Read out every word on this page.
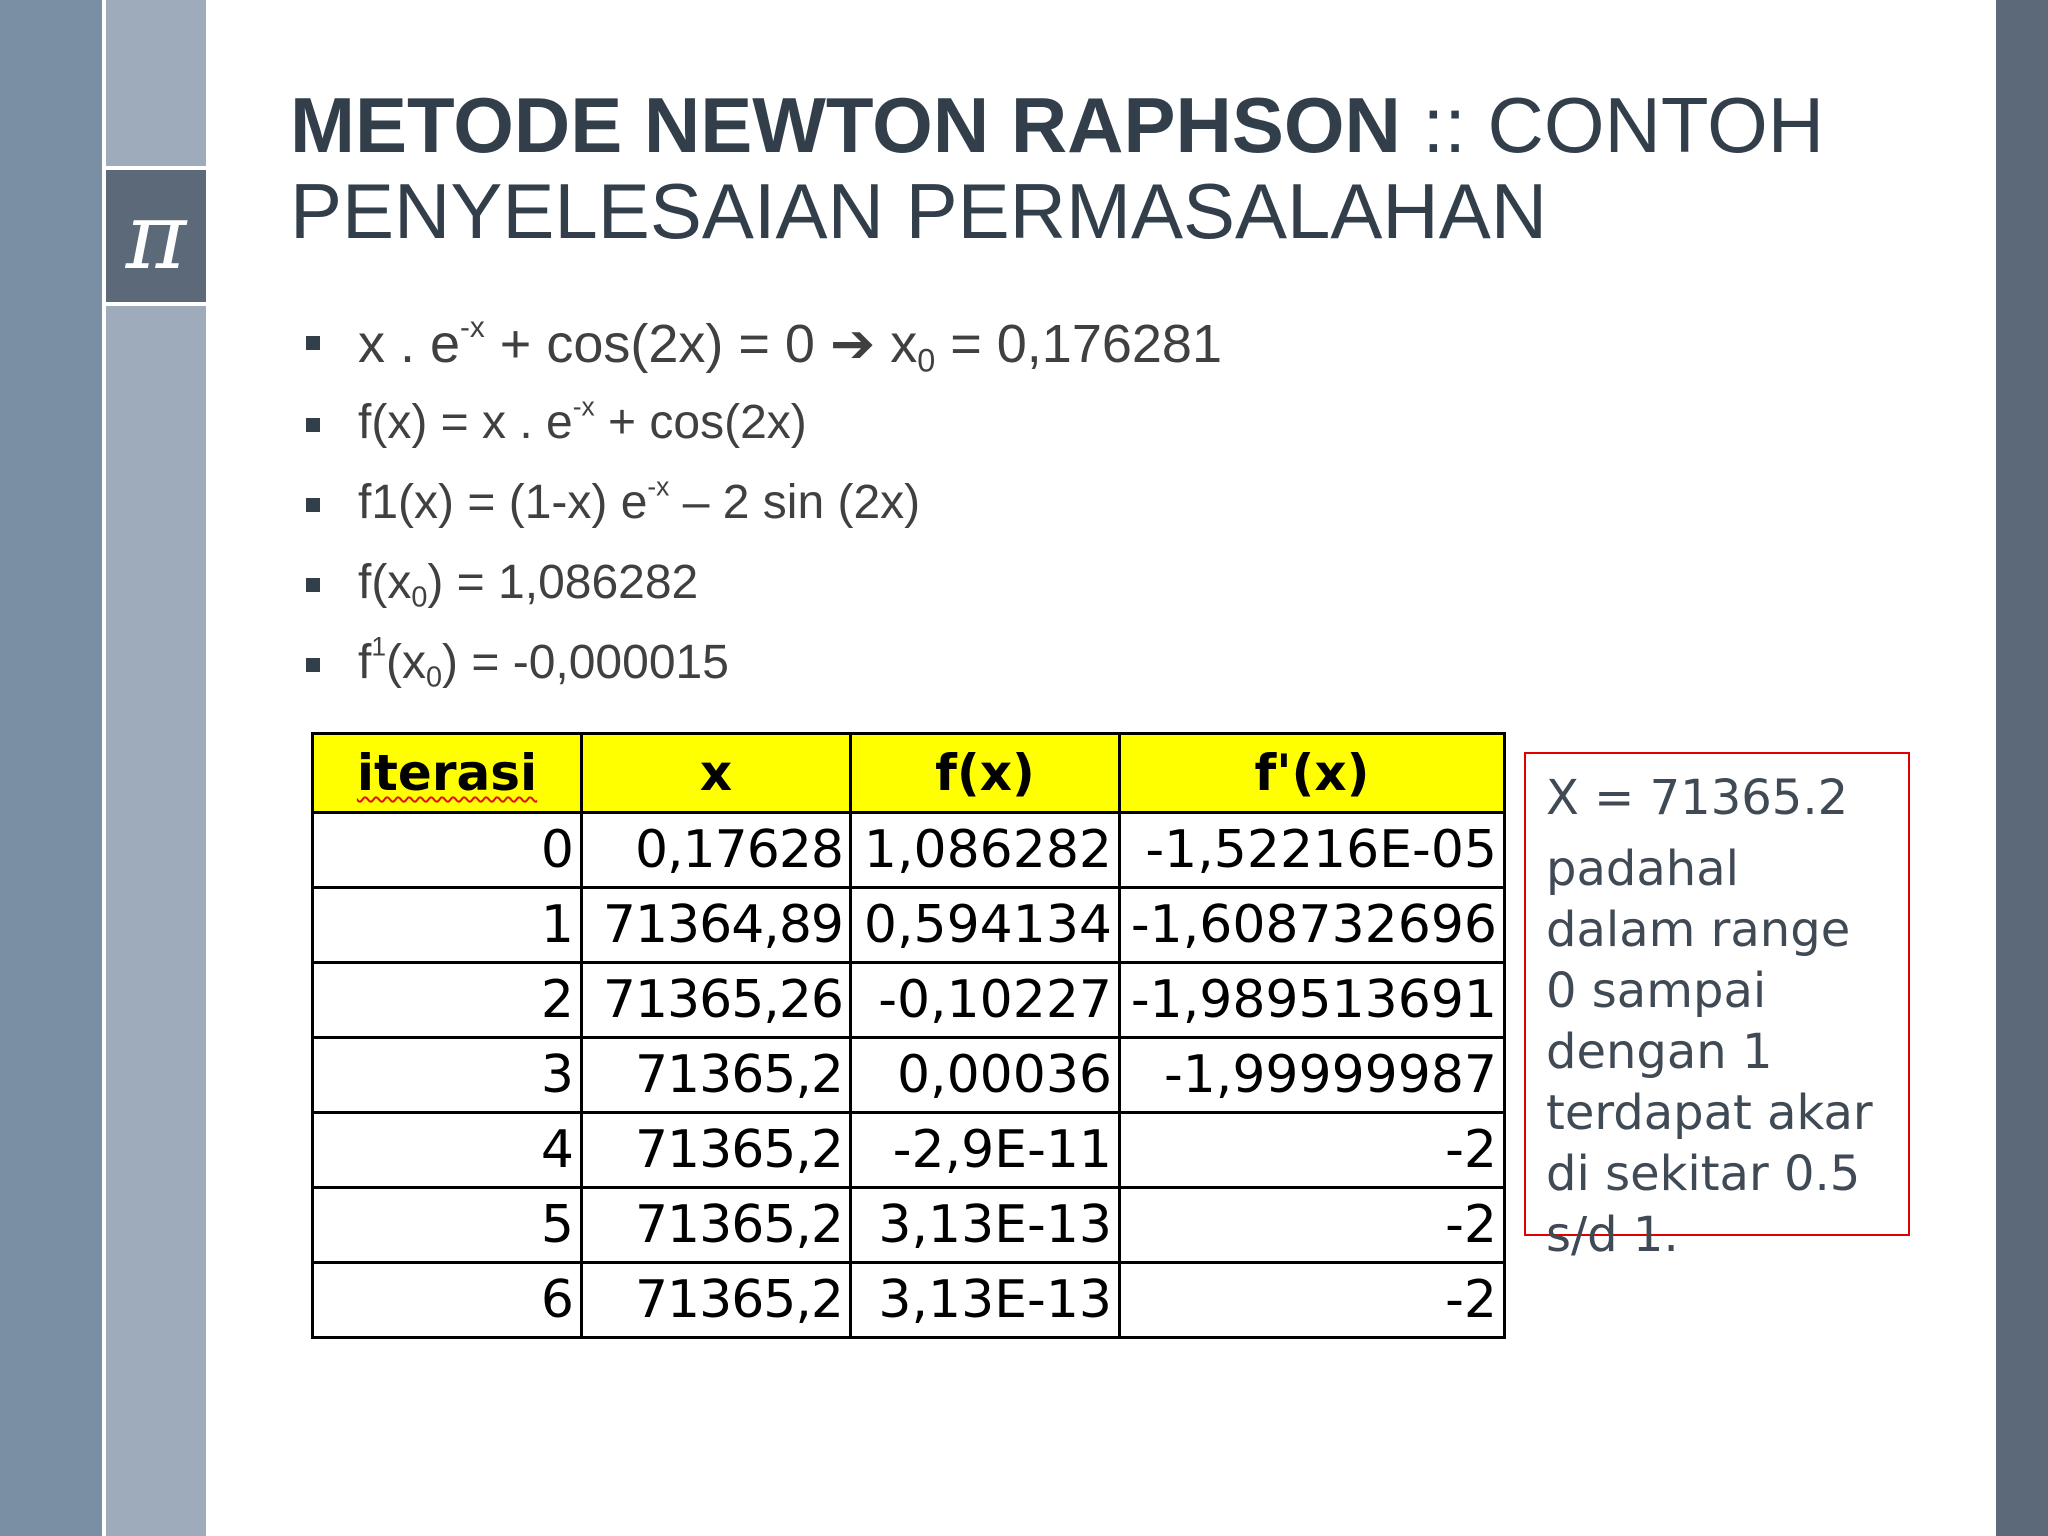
π
METODE NEWTON RAPHSON :: CONTOH PENYELESAIAN PERMASALAHAN
x . $e^{-x} + \cos(2x) = 0$ ➔ $x_0 = 0,176281$
f(x) = x . $e^{-x} + \cos(2x)$
f1(x) = (1-x) $e^{-x} - 2$ sin (2x)
$f(x_0) = 1,086282$
$f^1(x_0) = -0,000015$
iterasi	x	f(x)	f'(x)
0	0,17628	1,086282	-1,52216E-05
1	71364,89	0,594134	-1,608732696
2	71365,26	-0,10227	-1,989513691
3	71365,2	0,00036	-1,99999987
4	71365,2	-2,9E-11	-2
5	71365,2	3,13E-13	-2
6	71365,2	3,13E-13	-2
X = 71365.2
padahal dalam range 0 sampai dengan 1 terdapat akar di sekitar 0.5 s/d 1.
